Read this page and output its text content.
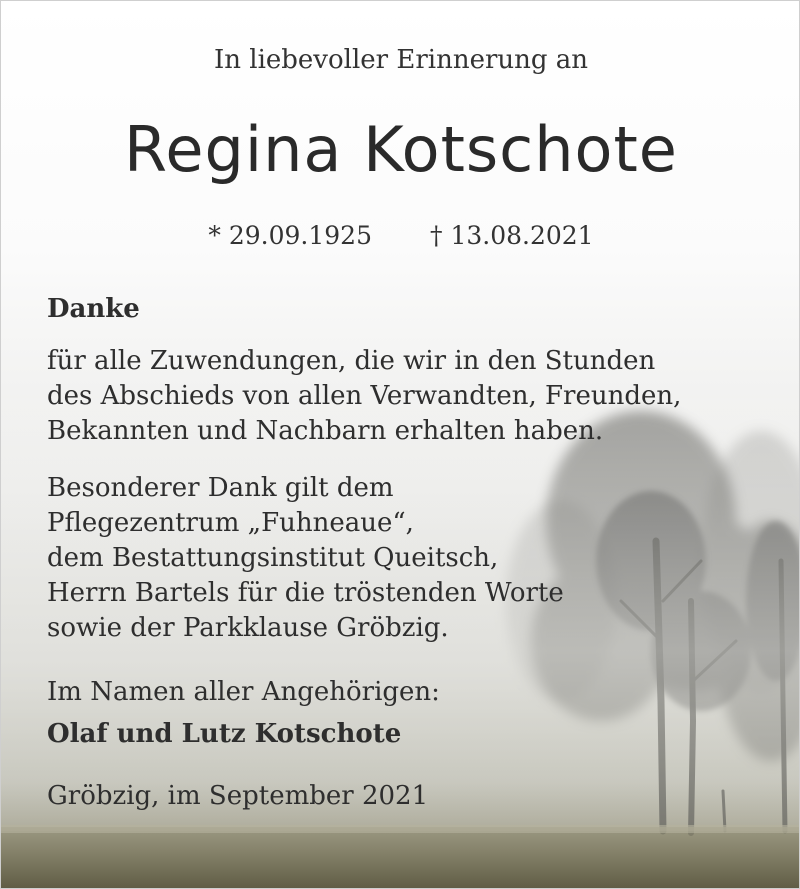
In liebevoller Erinnerung an
Regina Kotschote
* 29.09.1925 † 13.08.2021
Danke
für alle Zuwendungen, die wir in den Stunden
des Abschieds von allen Verwandten, Freunden,
Bekannten und Nachbarn erhalten haben.
Besonderer Dank gilt dem
Pflegezentrum „Fuhneaue“,
dem Bestattungsinstitut Queitsch,
Herrn Bartels für die tröstenden Worte
sowie der Parkklause Gröbzig.
Im Namen aller Angehörigen:
Olaf und Lutz Kotschote
Gröbzig, im September 2021
